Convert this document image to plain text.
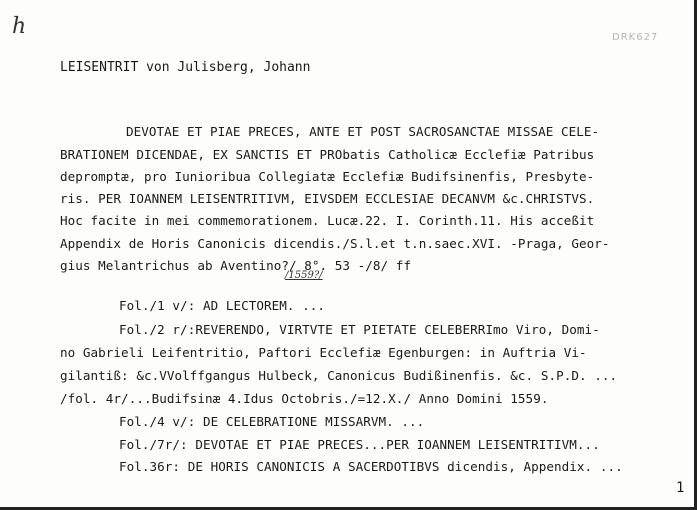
h	DRK627
LEISENTRIT von Julisberg, Johann
DEVOTAE ET PIAE PRECES, ANTE ET POST SACROSANCTAE MISSAE CELE-
BRATIONEM DICENDAE, EX SANCTIS ET PRObatis Catholicæ Ecclefiæ Patribus
depromptæ, pro Iunioribua Collegiatæ Ecclefiæ Budifsinenfis, Presbyte-
ris. PER IOANNEM LEISENTRITIVM, EIVSDEM ECCLESIAE DECANVM &c.CHRISTVS.
Hoc facite in mei commemorationem. Lucæ.22. I. Corinth.11. His acceßit
Appendix de Horis Canonicis dicendis./S.l.et t.n.saec.XVI. -Praga, Geor-
gius Melantrichus ab Aventino?/ 8°. 53 -/8/ ff
/1559?/
Fol./1 v/: AD LECTOREM. ...
Fol./2 r/:REVERENDO, VIRTVTE ET PIETATE CELEBERRImo Viro, Domi-
no Gabrieli Leifentritio, Paftori Ecclefiæ Egenburgen: in Auftria Vi-
gilantiß: &c.VVolffgangus Hulbeck, Canonicus Budißinenfis. &c. S.P.D. ...
/fol. 4r/...Budifsinæ 4.Idus Octobris./=12.X./ Anno Domini 1559.
Fol./4 v/: DE CELEBRATIONE MISSARVM. ...
Fol./7r/: DEVOTAE ET PIAE PRECES...PER IOANNEM LEISENTRITIVM...
Fol.36r: DE HORIS CANONICIS A SACERDOTIBVS dicendis, Appendix. ...
1
